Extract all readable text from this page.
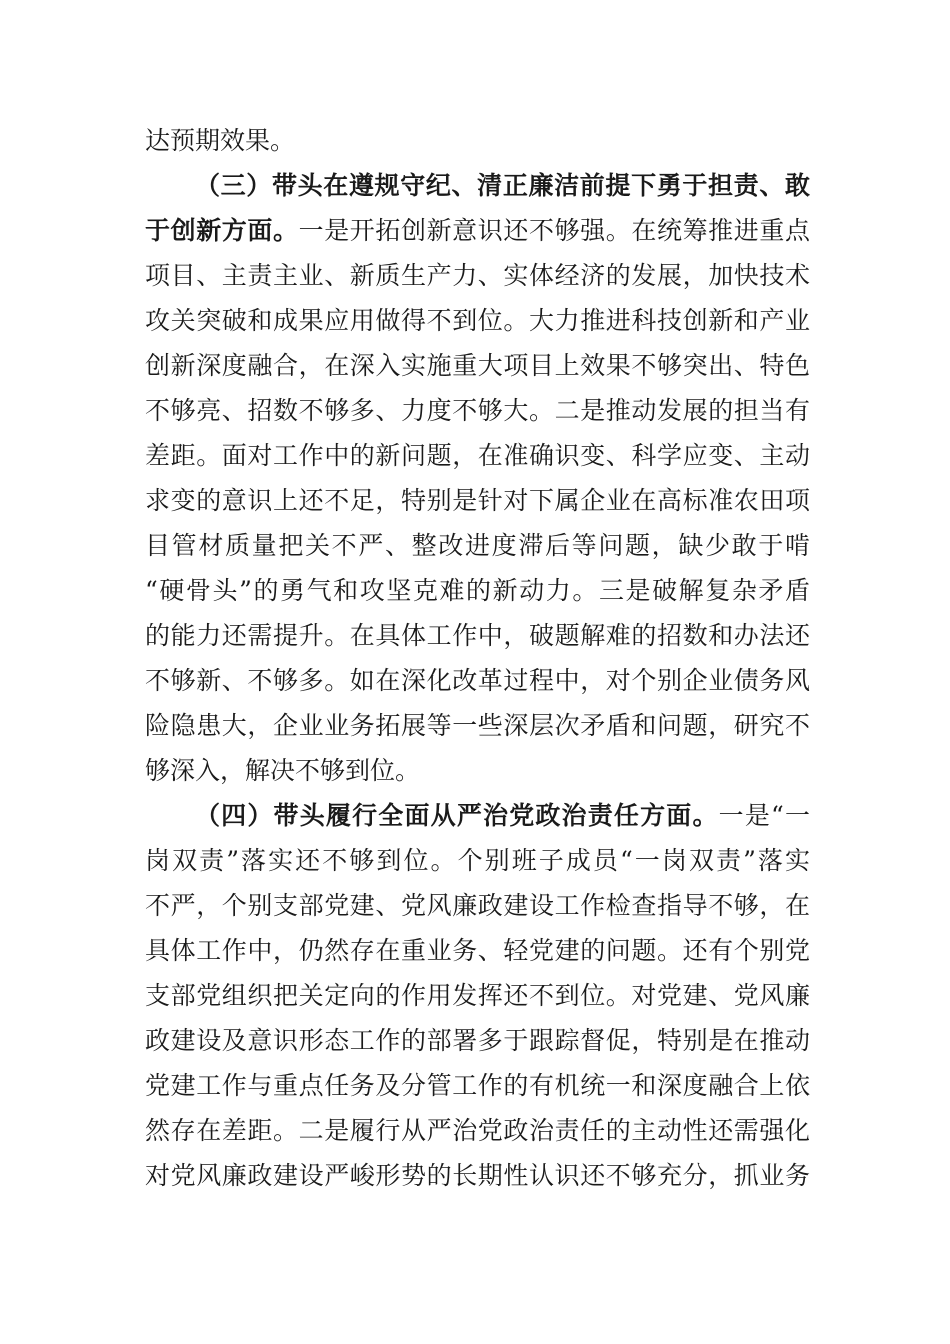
达预期效果。
（三）带头在遵规守纪、清正廉洁前提下勇于担责、敢
于创新方面。一是开拓创新意识还不够强。在统筹推进重点
项目、主责主业、新质生产力、实体经济的发展，加快技术
攻关突破和成果应用做得不到位。大力推进科技创新和产业
创新深度融合，在深入实施重大项目上效果不够突出、特色
不够亮、招数不够多、力度不够大。二是推动发展的担当有
差距。面对工作中的新问题，在准确识变、科学应变、主动
求变的意识上还不足，特别是针对下属企业在高标准农田项
目管材质量把关不严、整改进度滞后等问题，缺少敢于啃
“硬骨头”的勇气和攻坚克难的新动力。三是破解复杂矛盾
的能力还需提升。在具体工作中，破题解难的招数和办法还
不够新、不够多。如在深化改革过程中，对个别企业债务风
险隐患大，企业业务拓展等一些深层次矛盾和问题，研究不
够深入，解决不够到位。
（四）带头履行全面从严治党政治责任方面。一是“一
岗双责”落实还不够到位。个别班子成员“一岗双责”落实
不严，个别支部党建、党风廉政建设工作检查指导不够，在
具体工作中，仍然存在重业务、轻党建的问题。还有个别党
支部党组织把关定向的作用发挥还不到位。对党建、党风廉
政建设及意识形态工作的部署多于跟踪督促，特别是在推动
党建工作与重点任务及分管工作的有机统一和深度融合上依
然存在差距。二是履行从严治党政治责任的主动性还需强化
对党风廉政建设严峻形势的长期性认识还不够充分，抓业务
